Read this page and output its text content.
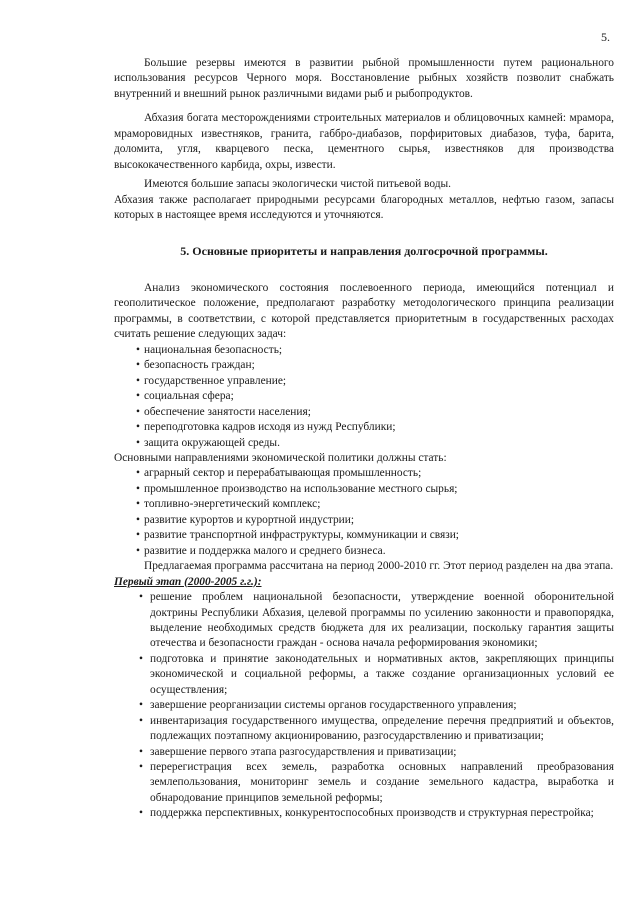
5.

Большие резервы имеются в развитии рыбной промышленности путем рационального использования ресурсов Черного моря. Восстановление рыбных хозяйств позволит снабжать внутренний и внешний рынок различными видами рыб и рыбопродуктов.

Абхазия богата месторождениями строительных материалов и облицовочных камней: мрамора, мраморовидных известняков, гранита, габбро-диабазов, порфиритовых диабазов, туфа, барита, доломита, угля, кварцевого песка, цементного сырья, известняков для производства высококачественного карбида, охры, извести.

Имеются большие запасы экологически чистой питьевой воды.

Абхазия также располагает природными ресурсами благородных металлов, нефтью газом, запасы которых в настоящее время исследуются и уточняются.

5. Основные приоритеты и направления долгосрочной программы.

Анализ экономического состояния послевоенного периода, имеющийся потенциал и геополитическое положение, предполагают разработку методологического принципа реализации программы, в соответствии, с которой представляется приоритетным в государственных расходах считать решение следующих задач:

• национальная безопасность;
• безопасность граждан;
• государственное управление;
• социальная сфера;
• обеспечение занятости населения;
• переподготовка кадров исходя из нужд Республики;
• защита окружающей среды.

Основными направлениями экономической политики должны стать:

• аграрный сектор и перерабатывающая промышленность;
• промышленное производство на использование местного сырья;
• топливно-энергетический комплекс;
• развитие курортов и курортной индустрии;
• развитие транспортной инфраструктуры, коммуникации и связи;
• развитие и поддержка малого и среднего бизнеса.

Предлагаемая программа рассчитана на период 2000-2010 гг. Этот период разделен на два этапа.

Первый этап (2000-2005 г.г.):

• решение проблем национальной безопасности, утверждение военной оборонительной доктрины Республики Абхазия, целевой программы по усилению законности и правопорядка, выделение необходимых средств бюджета для их реализации, поскольку гарантия защиты отечества и безопасности граждан - основа начала реформирования экономики;
• подготовка и принятие законодательных и нормативных актов, закрепляющих принципы экономической и социальной реформы, а также создание организационных условий ее осуществления;
• завершение реорганизации системы органов государственного управления;
• инвентаризация государственного имущества, определение перечня предприятий и объектов, подлежащих поэтапному акционированию, разгосударствлению и приватизации;
• завершение первого этапа разгосударствления и приватизации;
• перерегистрация всех земель, разработка основных направлений преобразования землепользования, мониторинг земель и создание земельного кадастра, выработка и обнародование принципов земельной реформы;
• поддержка перспективных, конкурентоспособных производств и структурная перестройка;
